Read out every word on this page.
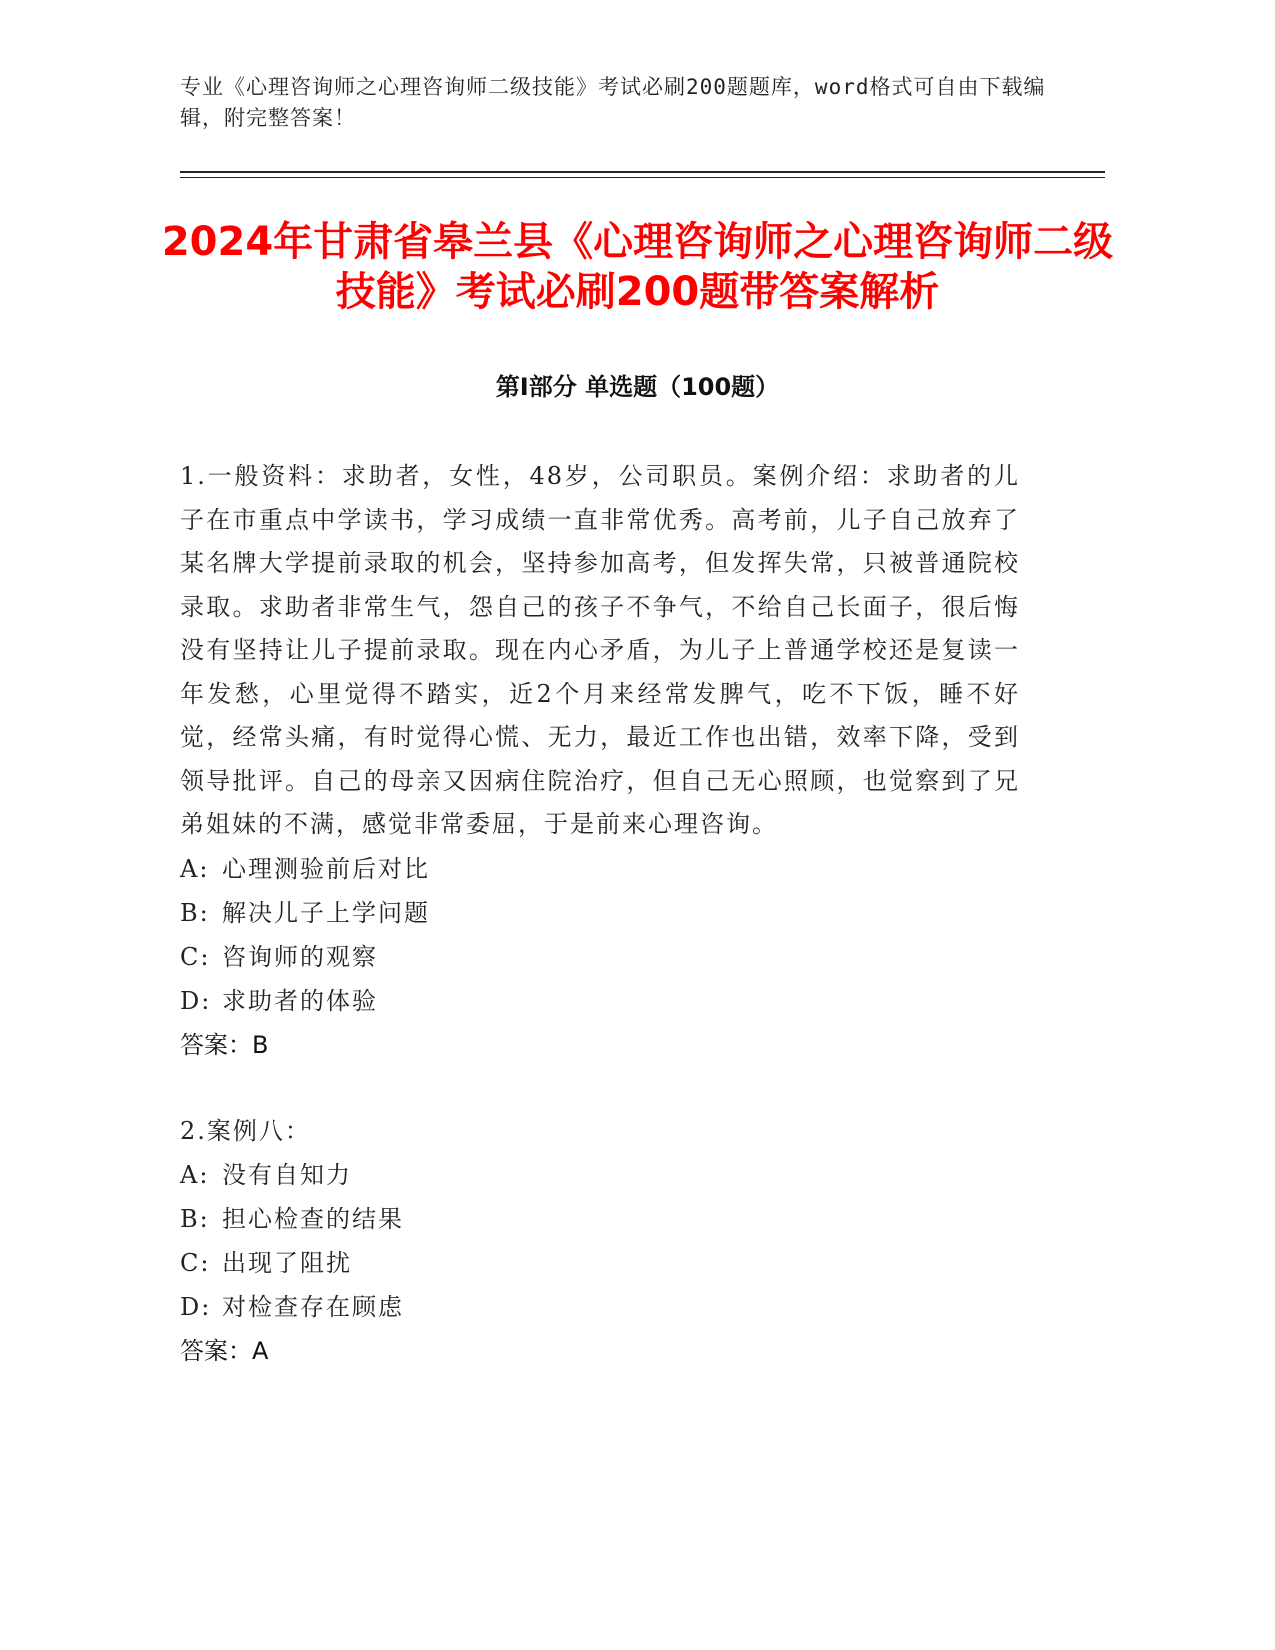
专业《心理咨询师之心理咨询师二级技能》考试必刷200题题库，word格式可自由下载编辑，附完整答案！
2024年甘肃省皋兰县《心理咨询师之心理咨询师二级技能》考试必刷200题带答案解析
第Ⅰ部分 单选题（100题）

1.一般资料：求助者，女性，48岁，公司职员。案例介绍：求助者的儿子在市重点中学读书，学习成绩一直非常优秀。高考前，儿子自己放弃了某名牌大学提前录取的机会，坚持参加高考，但发挥失常，只被普通院校录取。求助者非常生气，怨自己的孩子不争气，不给自己长面子，很后悔没有坚持让儿子提前录取。现在内心矛盾，为儿子上普通学校还是复读一年发愁，心里觉得不踏实，近2个月来经常发脾气，吃不下饭，睡不好觉，经常头痛，有时觉得心慌、无力，最近工作也出错，效率下降，受到领导批评。自己的母亲又因病住院治疗，但自己无心照顾，也觉察到了兄弟姐妹的不满，感觉非常委屈，于是前来心理咨询。

A: 心理测验前后对比
B: 解决儿子上学问题
C: 咨询师的观察
D: 求助者的体验

答案：B

2.案例八：

A: 没有自知力
B: 担心检查的结果
C: 出现了阻扰
D: 对检查存在顾虑

答案：A
